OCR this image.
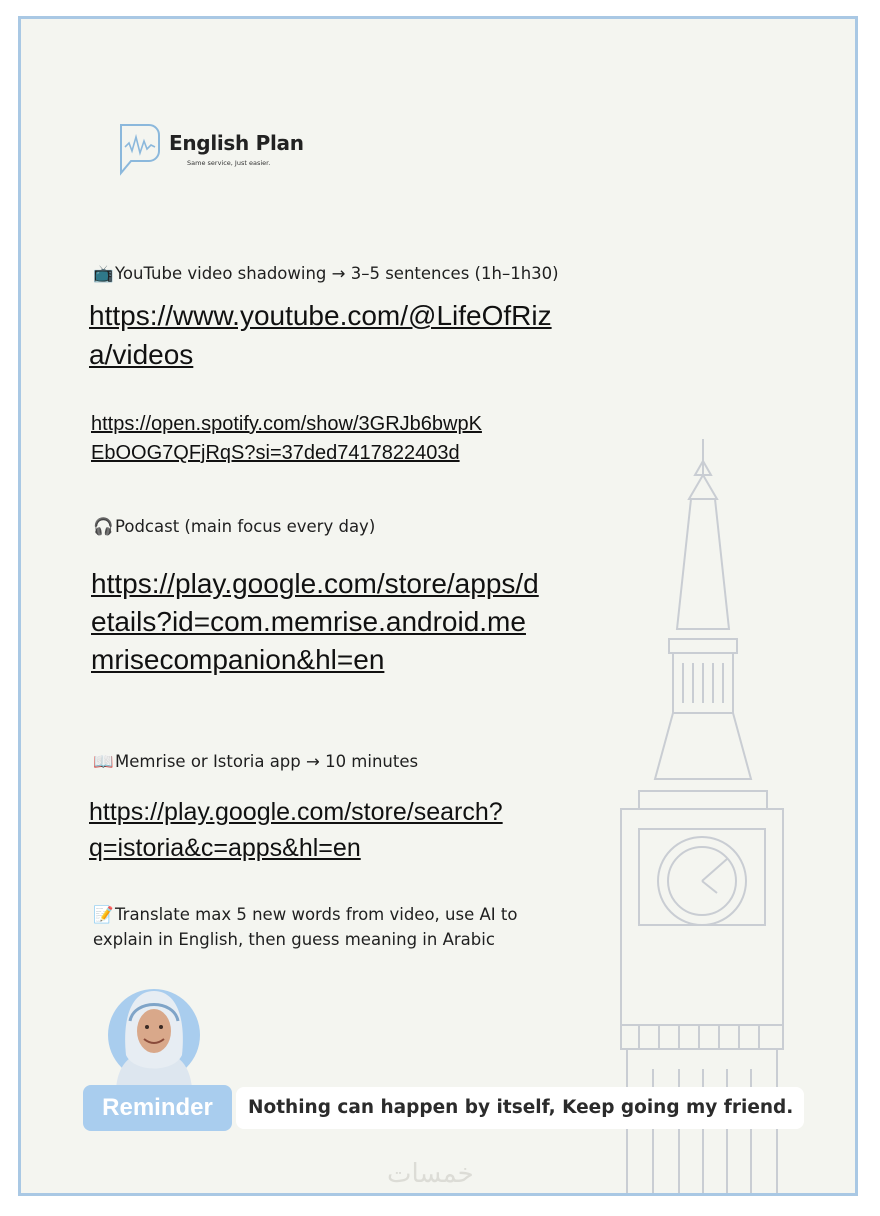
English Plan
Same service, Just easier.
📺YouTube video shadowing → 3–5 sentences (1h–1h30)
https://www.youtube.com/@LifeOfRiza/videos
https://open.spotify.com/show/3GRJb6bwpKEbOOG7QFjRqS?si=37ded7417822403d
🎧Podcast (main focus every day)
https://play.google.com/store/apps/details?id=com.memrise.android.memrisecompanion&hl=en
📖Memrise or Istoria app → 10 minutes
https://play.google.com/store/search?q=istoria&c=apps&hl=en
📝Translate max 5 new words from video, use AI to explain in English, then guess meaning in Arabic
Reminder	Nothing can happen by itself, Keep going my friend.
خمسات
